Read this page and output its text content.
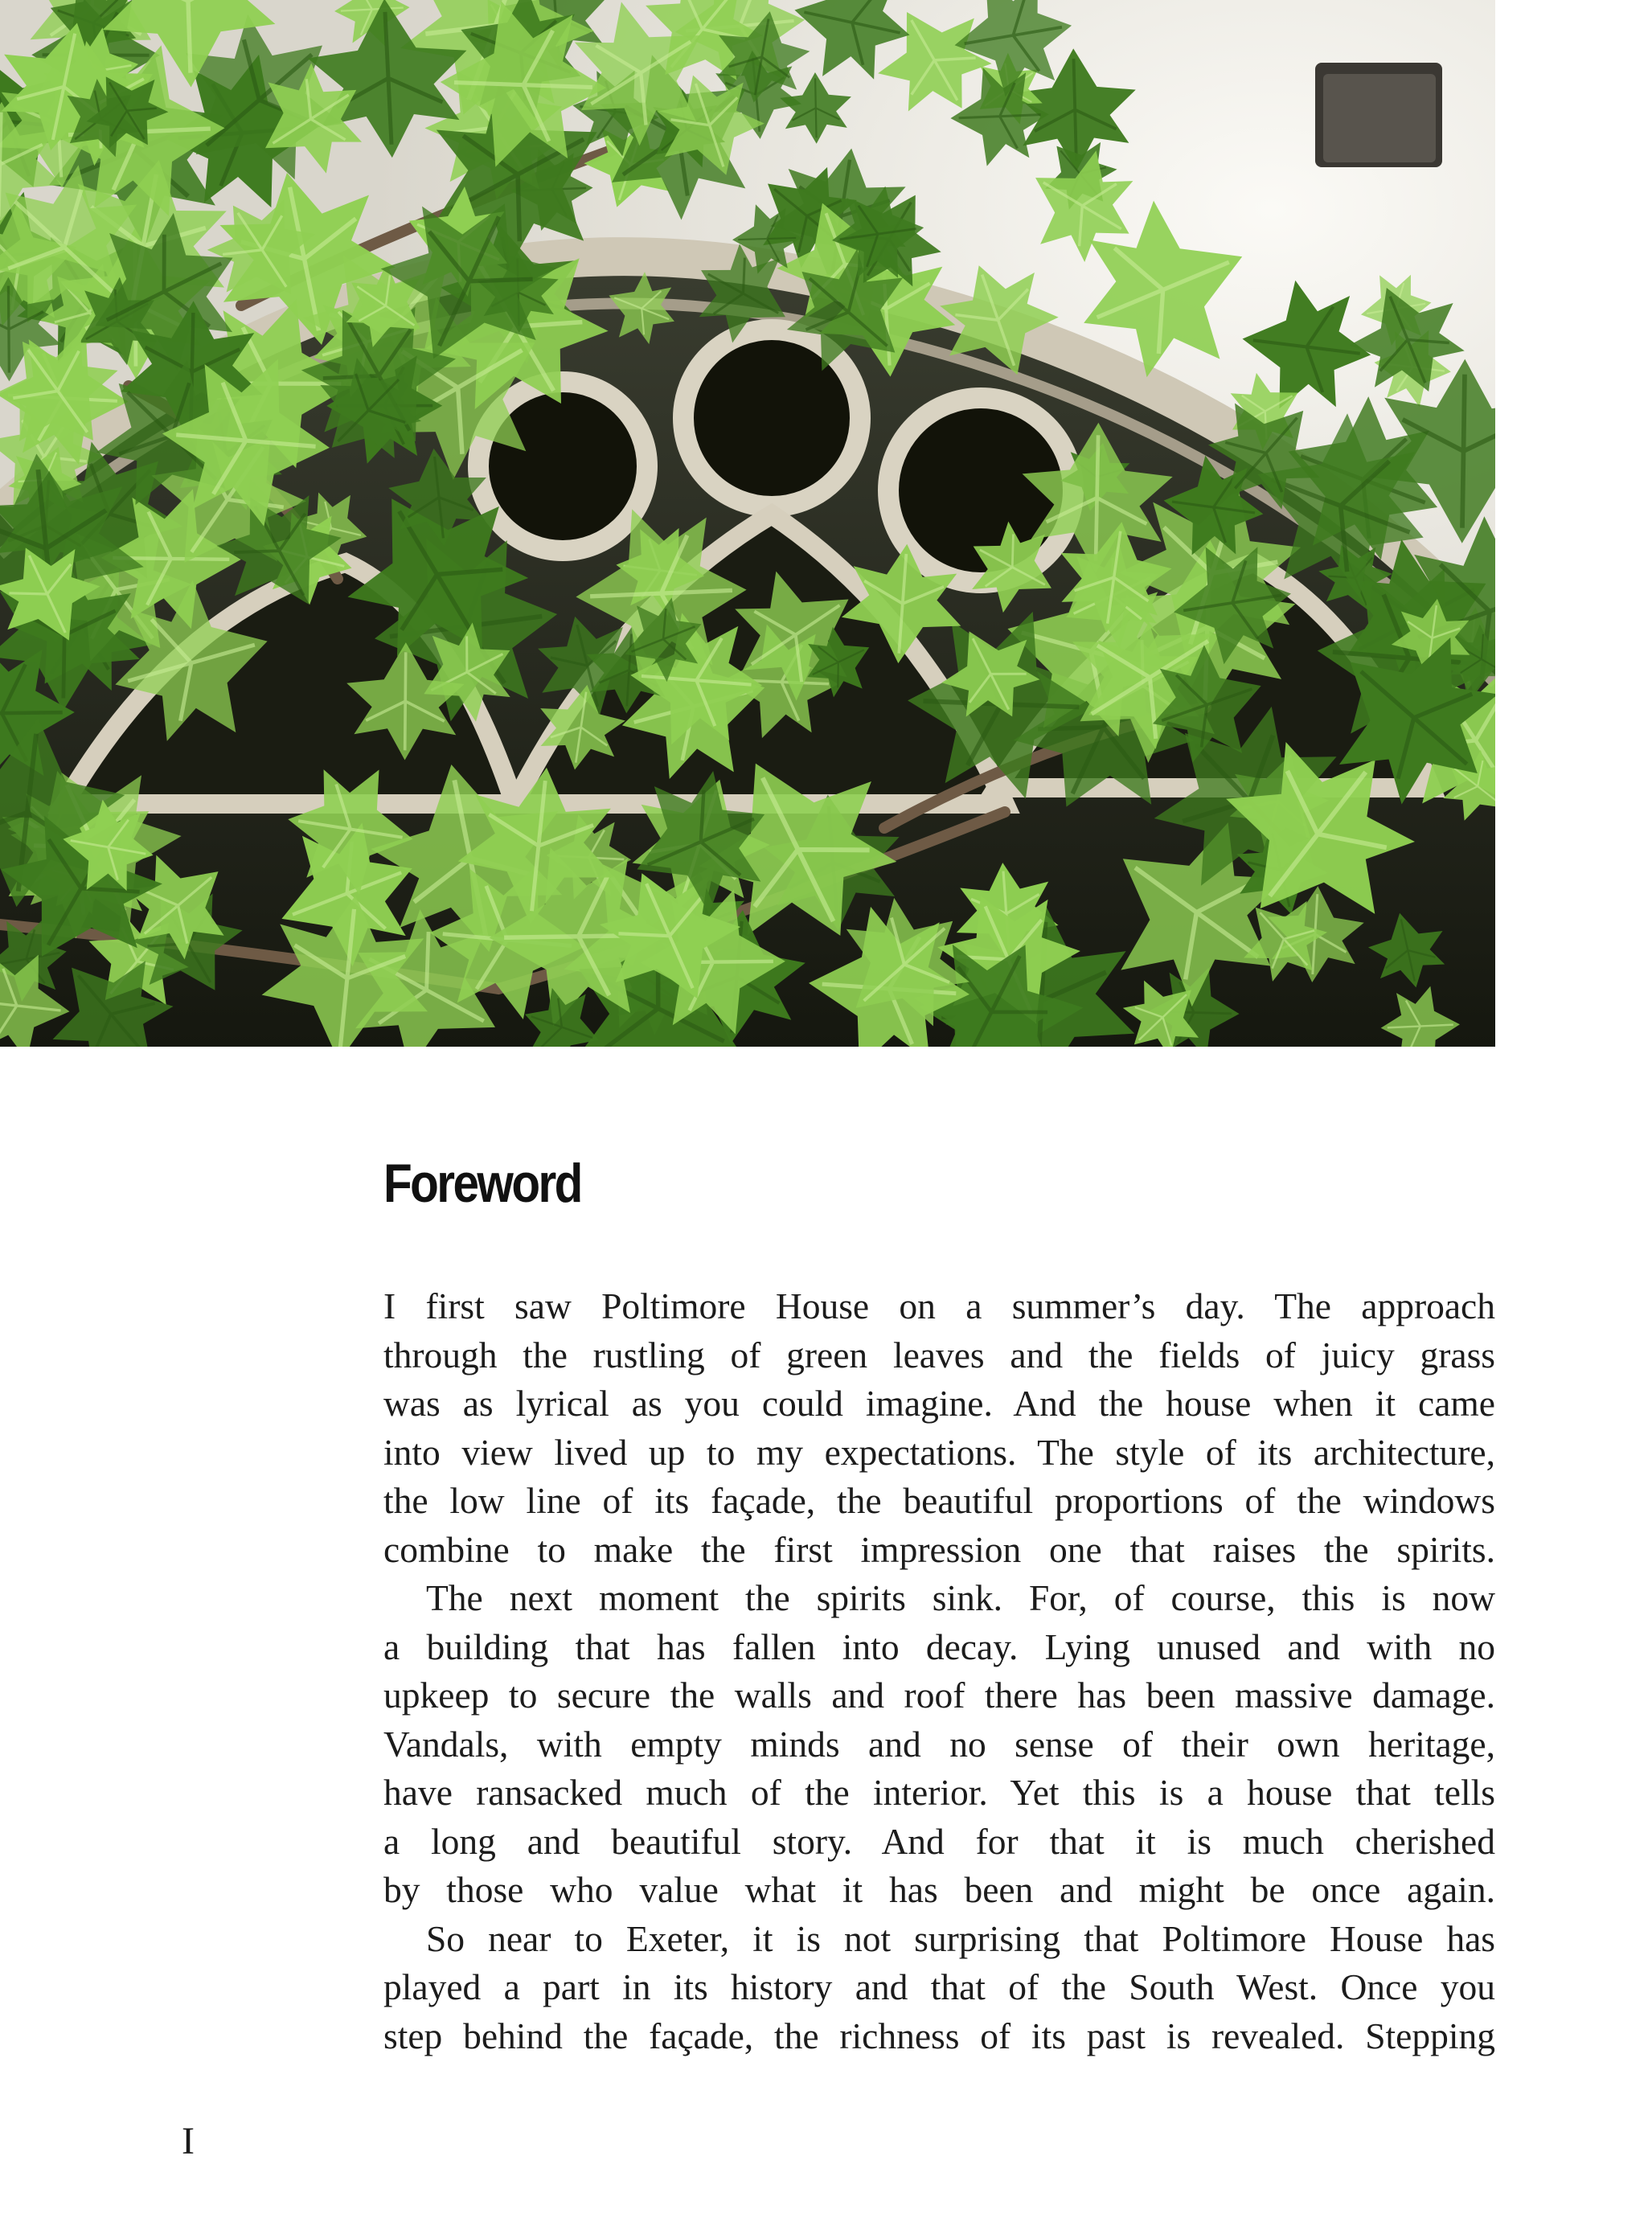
Foreword
I first saw Poltimore House on a summer’s day. The approach
through the rustling of green leaves and the fields of juicy grass
was as lyrical as you could imagine. And the house when it came
into view lived up to my expectations. The style of its architecture,
the low line of its façade, the beautiful proportions of the windows
combine to make the first impression one that raises the spirits.
The next moment the spirits sink. For, of course, this is now
a building that has fallen into decay. Lying unused and with no
upkeep to secure the walls and roof there has been massive damage.
Vandals, with empty minds and no sense of their own heritage,
have ransacked much of the interior. Yet this is a house that tells
a long and beautiful story. And for that it is much cherished
by those who value what it has been and might be once again.
So near to Exeter, it is not surprising that Poltimore House has
played a part in its history and that of the South West. Once you
step behind the façade, the richness of its past is revealed. Stepping
I
